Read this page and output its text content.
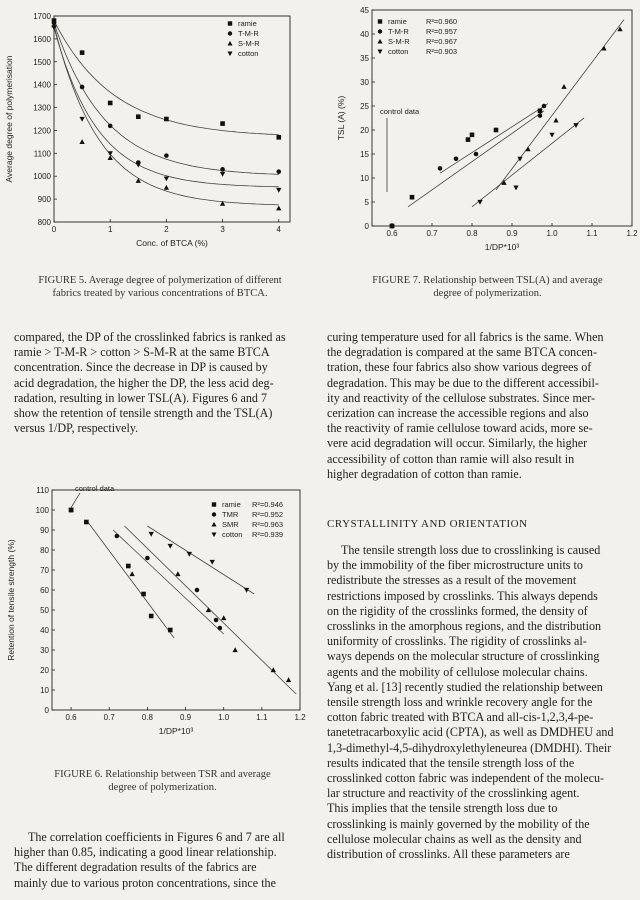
0	1	2	3	4
800
900
1000
1100
1200
1300
1400
1500
1600
1700
Conc. of BTCA (%)
Average degree of polymerisation
ramie
T-M-R
S-M-R
cotton
FIGURE 5. Average degree of polymerization of different
fabrics treated by various concentrations of BTCA.
0.6	0.7	0.8	0.9	1.0	1.1	1.2
0
5
10
15
20
25
30
35
40
45
1/DP*10³
TSL (A) (%)	control data
ramie	R²=0.960
T-M-R R²=0.957
S-M-R R²=0.967
cotton R²=0.903
FIGURE 7. Relationship between TSL(A) and average
degree of polymerization.

compared, the DP of the crosslinked fabrics is ranked as

ramie > T-M-R > cotton > S-M-R at the same BTCA

concentration. Since the decrease in DP is caused by

acid degradation, the higher the DP, the less acid deg-

radation, resulting in lower TSL(A). Figures 6 and 7

show the retention of tensile strength and the TSL(A)

versus 1/DP, respectively.

0.6	0.7	0.8	0.9	1.0	1.1	1.2
0
10
20
30
40
50
60
70
80
90
100
110
1/DP*10³
Retention of tensile strength (%)
control data
ramie R²=0.946
TMR R²=0.952
SMR R²=0.963
cotton R²=0.939
FIGURE 6. Relationship between TSR and average
degree of polymerization.

The correlation coefficients in Figures 6 and 7 are all

higher than 0.85, indicating a good linear relationship.

The different degradation results of the fabrics are

mainly due to various proton concentrations, since the

curing temperature used for all fabrics is the same. When

the degradation is compared at the same BTCA concen-

tration, these four fabrics also show various degrees of

degradation. This may be due to the different accessibil-

ity and reactivity of the cellulose substrates. Since mer-

cerization can increase the accessible regions and also

the reactivity of ramie cellulose toward acids, more se-

vere acid degradation will occur. Similarly, the higher

accessibility of cotton than ramie will also result in

higher degradation of cotton than ramie.

CRYSTALLINITY AND ORIENTATION

The tensile strength loss due to crosslinking is caused

by the immobility of the fiber microstructure units to

redistribute the stresses as a result of the movement

restrictions imposed by crosslinks. This always depends

on the rigidity of the crosslinks formed, the density of

crosslinks in the amorphous regions, and the distribution

uniformity of crosslinks. The rigidity of crosslinks al-

ways depends on the molecular structure of crosslinking

agents and the mobility of cellulose molecular chains.

Yang et al. [13] recently studied the relationship between

tensile strength loss and wrinkle recovery angle for the

cotton fabric treated with BTCA and all-cis-1,2,3,4-pe-

tanetetracarboxylic acid (CPTA), as well as DMDHEU and

1,3-dimethyl-4,5-dihydroxylethyleneurea (DMDHI). Their

results indicated that the tensile strength loss of the

crosslinked cotton fabric was independent of the molecu-

lar structure and reactivity of the crosslinking agent.

This implies that the tensile strength loss due to

crosslinking is mainly governed by the mobility of the

cellulose molecular chains as well as the density and

distribution of crosslinks. All these parameters are
